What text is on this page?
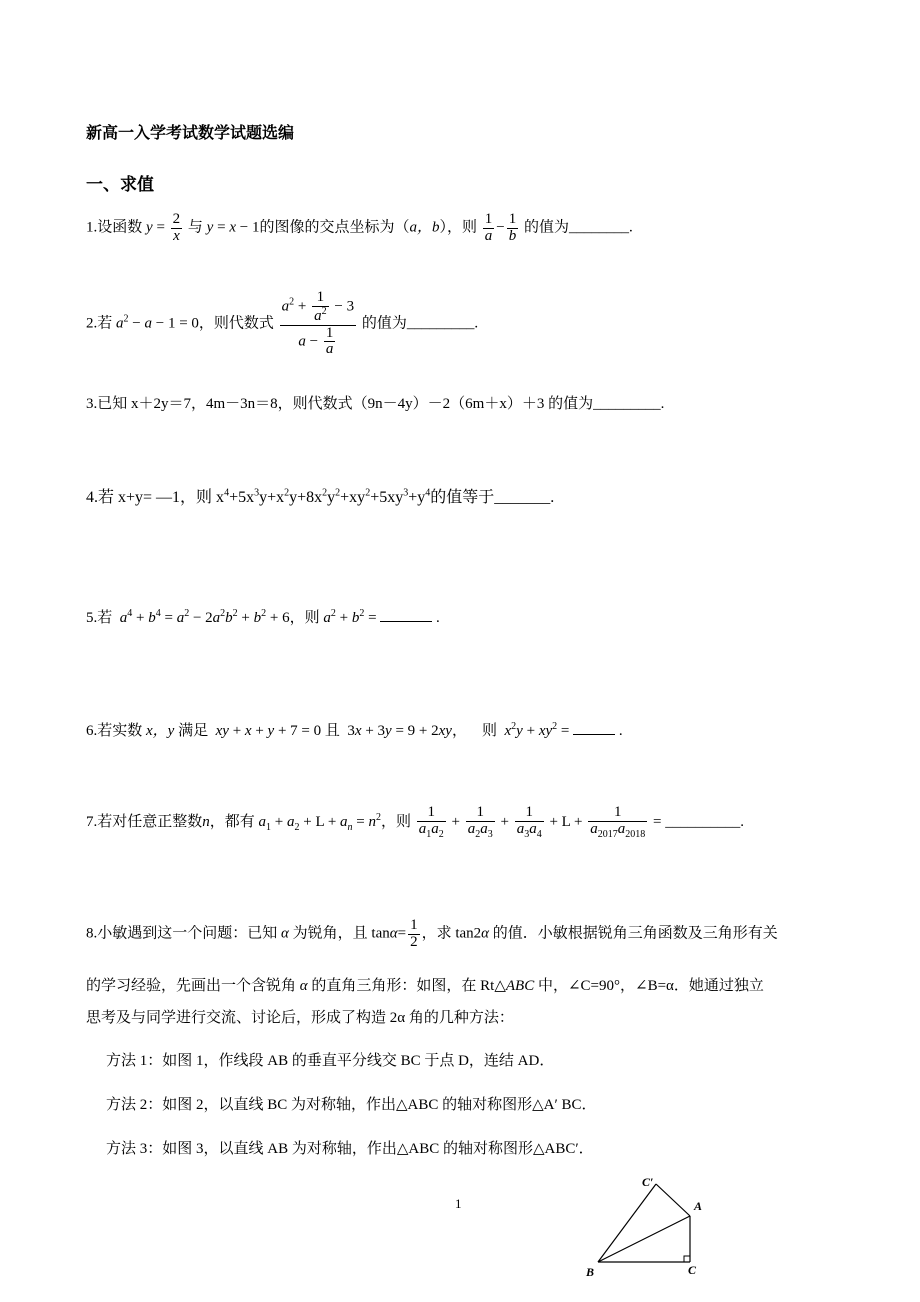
新高一入学考试数学试题选编
一、求值
1.设函数 $y = \frac{2}{x}$ 与 y = x − 1的图像的交点坐标为（a，b），则 $\frac{1}{a} - \frac{1}{b}$ 的值为________.
2.若 $a^2 - a - 1 = 0$，则代数式 $\frac{a^2 + \frac{1}{a^2} - 3}{a - \frac{1}{a}}$ 的值为_________.
3.已知 x＋2y＝7，4m－3n＝8，则代数式（9n－4y）－2（6m＋x）＋3 的值为_________.
4.若 x+y= —1，则 $x^4+5x^3y+x^2y+8x^2y^2+xy^2+5xy^3+y^4$的值等于_______.
5.若 $a^4 + b^4 = a^2 - 2a^2b^2 + b^2 + 6$，则 $a^2 + b^2$ =	.
6.若实数 x，y 满足 xy + x + y + 7 = 0 且  3x + 3y = 9 + 2xy，    则 $x^2y + xy^2$ =	.
7.若对任意正整数n，都有 $a_1 + a_2 + L + a_n = n^2$，则 $\frac{1}{a_1a_2} + \frac{1}{a_2a_3} + \frac{1}{a_3a_4} + L + \frac{1}{a_{2017}a_{2018}}$ = __________.
8.小敏遇到这一个问题：已知 α 为锐角，且 $\tan\alpha= \frac{1}{2}$ ，求 tan2α 的值．小敏根据锐角三角函数及三角形有关
的学习经验，先画出一个含锐角 α 的直角三角形：如图，在 Rt△ABC 中，∠C=90°，∠B=α．她通过独立
思考及与同学进行交流、讨论后，形成了构造 2α 角的几种方法：
方法 1：如图 1，作线段 AB 的垂直平分线交 BC 于点 D，连结 AD．
方法 2：如图 2，以直线 BC 为对称轴，作出△ABC 的轴对称图形△A′ BC．
方法 3：如图 3，以直线 AB 为对称轴，作出△ABC 的轴对称图形△ABC′．
1
C′
A
B	C
